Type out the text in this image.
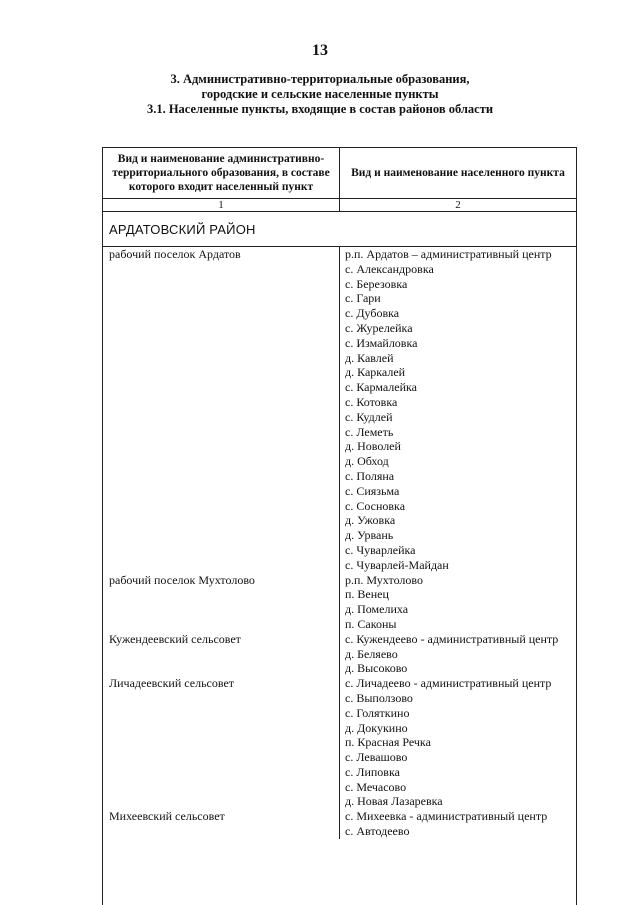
13
3. Административно-территориальные образования,
городские и сельские населенные пункты
3.1. Населенные пункты, входящие в состав районов области
Вид и наименование административно-территориального образования, в составе которого входит населенный пункт
Вид и наименование населенного пункта
1	2
АРДАТОВСКИЙ РАЙОН
рабочий поселок Ардатов	р.п. Ардатов – административный центр
с. Александровка
с. Березовка
с. Гари
с. Дубовка
с. Журелейка
с. Измайловка
д. Кавлей
д. Каркалей
с. Кармалейка
с. Котовка
с. Кудлей
с. Леметь
д. Новолей
д. Обход
с. Поляна
с. Сиязьма
с. Сосновка
д. Ужовка
д. Урвань
с. Чуварлейка
с. Чуварлей-Майдан
рабочий поселок Мухтолово	р.п. Мухтолово
п. Венец
д. Помелиха
п. Саконы
Кужендеевский сельсовет	с. Кужендеево - административный центр
д. Беляево
д. Высоково
Личадеевский сельсовет	с. Личадеево - административный центр
с. Выползово
с. Голяткино
д. Докукино
п. Красная Речка
с. Левашово
с. Липовка
с. Мечасово
д. Новая Лазаревка
Михеевский сельсовет	с. Михеевка - административный центр
с. Автодеево
